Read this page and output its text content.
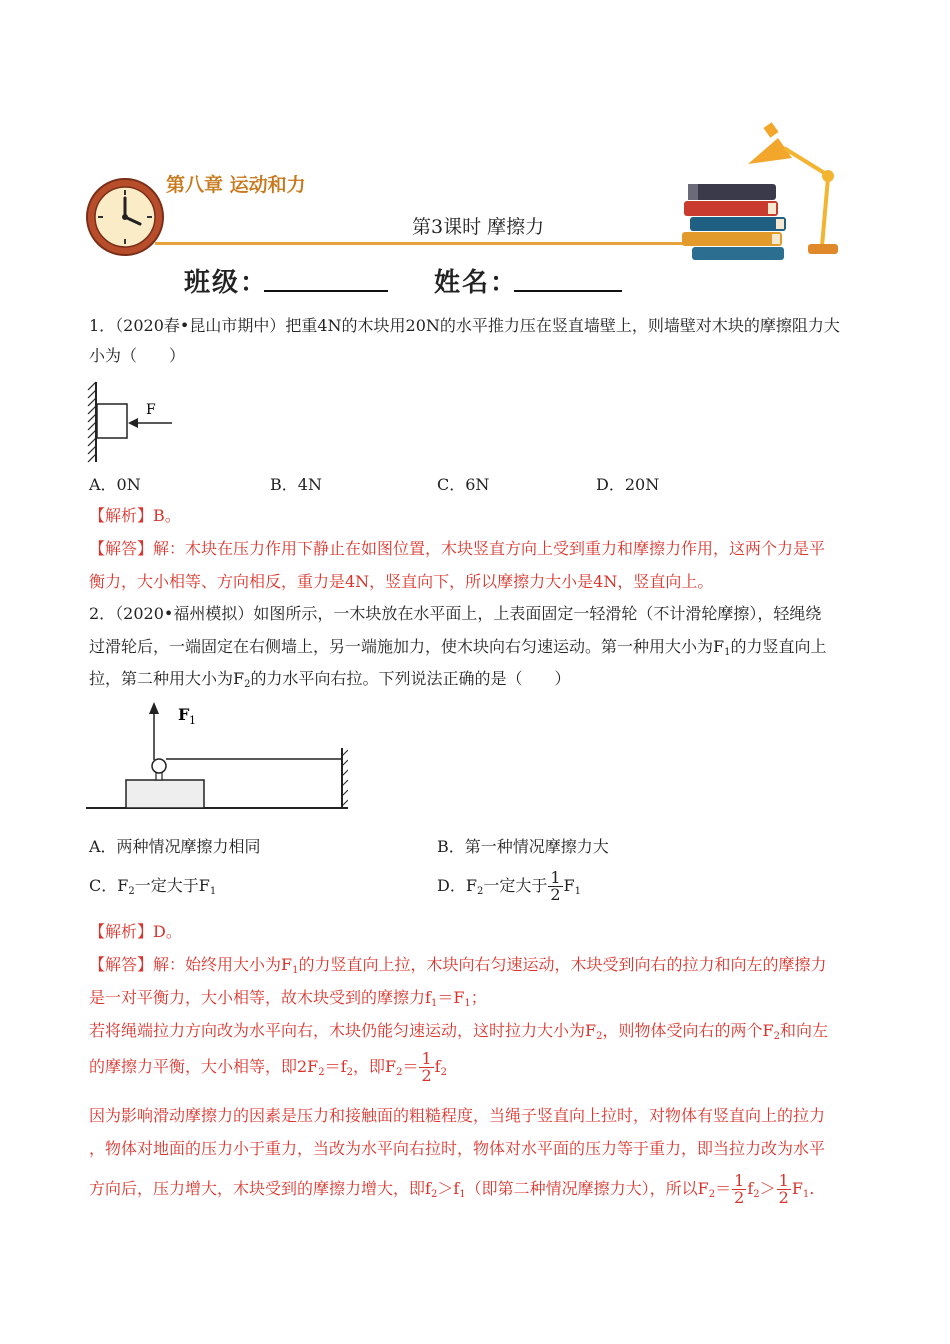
第八章 运动和力
第3课时 摩擦力
班级：	姓名：
1．（2020春•昆山市期中）把重4N的木块用20N的水平推力压在竖直墙壁上，则墙壁对木块的摩擦阻力大
小为（　　）
F
A．0N	B．4N	C．6N	D．20N
【解析】B。
【解答】解：木块在压力作用下静止在如图位置，木块竖直方向上受到重力和摩擦力作用，这两个力是平
衡力，大小相等、方向相反，重力是4N，竖直向下，所以摩擦力大小是4N，竖直向上。
2．（2020•福州模拟）如图所示，一木块放在水平面上，上表面固定一轻滑轮（不计滑轮摩擦），轻绳绕
过滑轮后，一端固定在右侧墙上，另一端施加力，使木块向右匀速运动。第一种用大小为$F_1$的力竖直向上
拉，第二种用大小为$F_2$的力水平向右拉。下列说法正确的是（　　）
F 1
A．两种情况摩擦力相同	B．第一种情况摩擦力大
C．$F_2$一定大于$F_1$	D．$F_2$一定大于 $\frac{1}{2} F_1$
【解析】D。
【解答】解：始终用大小为$F_1$的力竖直向上拉，木块向右匀速运动，木块受到向右的拉力和向左的摩擦力
是一对平衡力，大小相等，故木块受到的摩擦力$f_1=F_1$；
若将绳端拉力方向改为水平向右，木块仍能匀速运动，这时拉力大小为$F_2$，则物体受向右的两个$F_2$和向左
的摩擦力平衡，大小相等，即$2F_2=f_2$，即$F_2= \frac{1}{2} f_2$
因为影响滑动摩擦力的因素是压力和接触面的粗糙程度，当绳子竖直向上拉时，对物体有竖直向上的拉力
，物体对地面的压力小于重力，当改为水平向右拉时，物体对水平面的压力等于重力，即当拉力改为水平
方向后，压力增大，木块受到的摩擦力增大，即$f_2>f_1$（即第二种情况摩擦力大），所以$F_2= \frac{1}{2} f_2> \frac{1}{2} F_1$.
